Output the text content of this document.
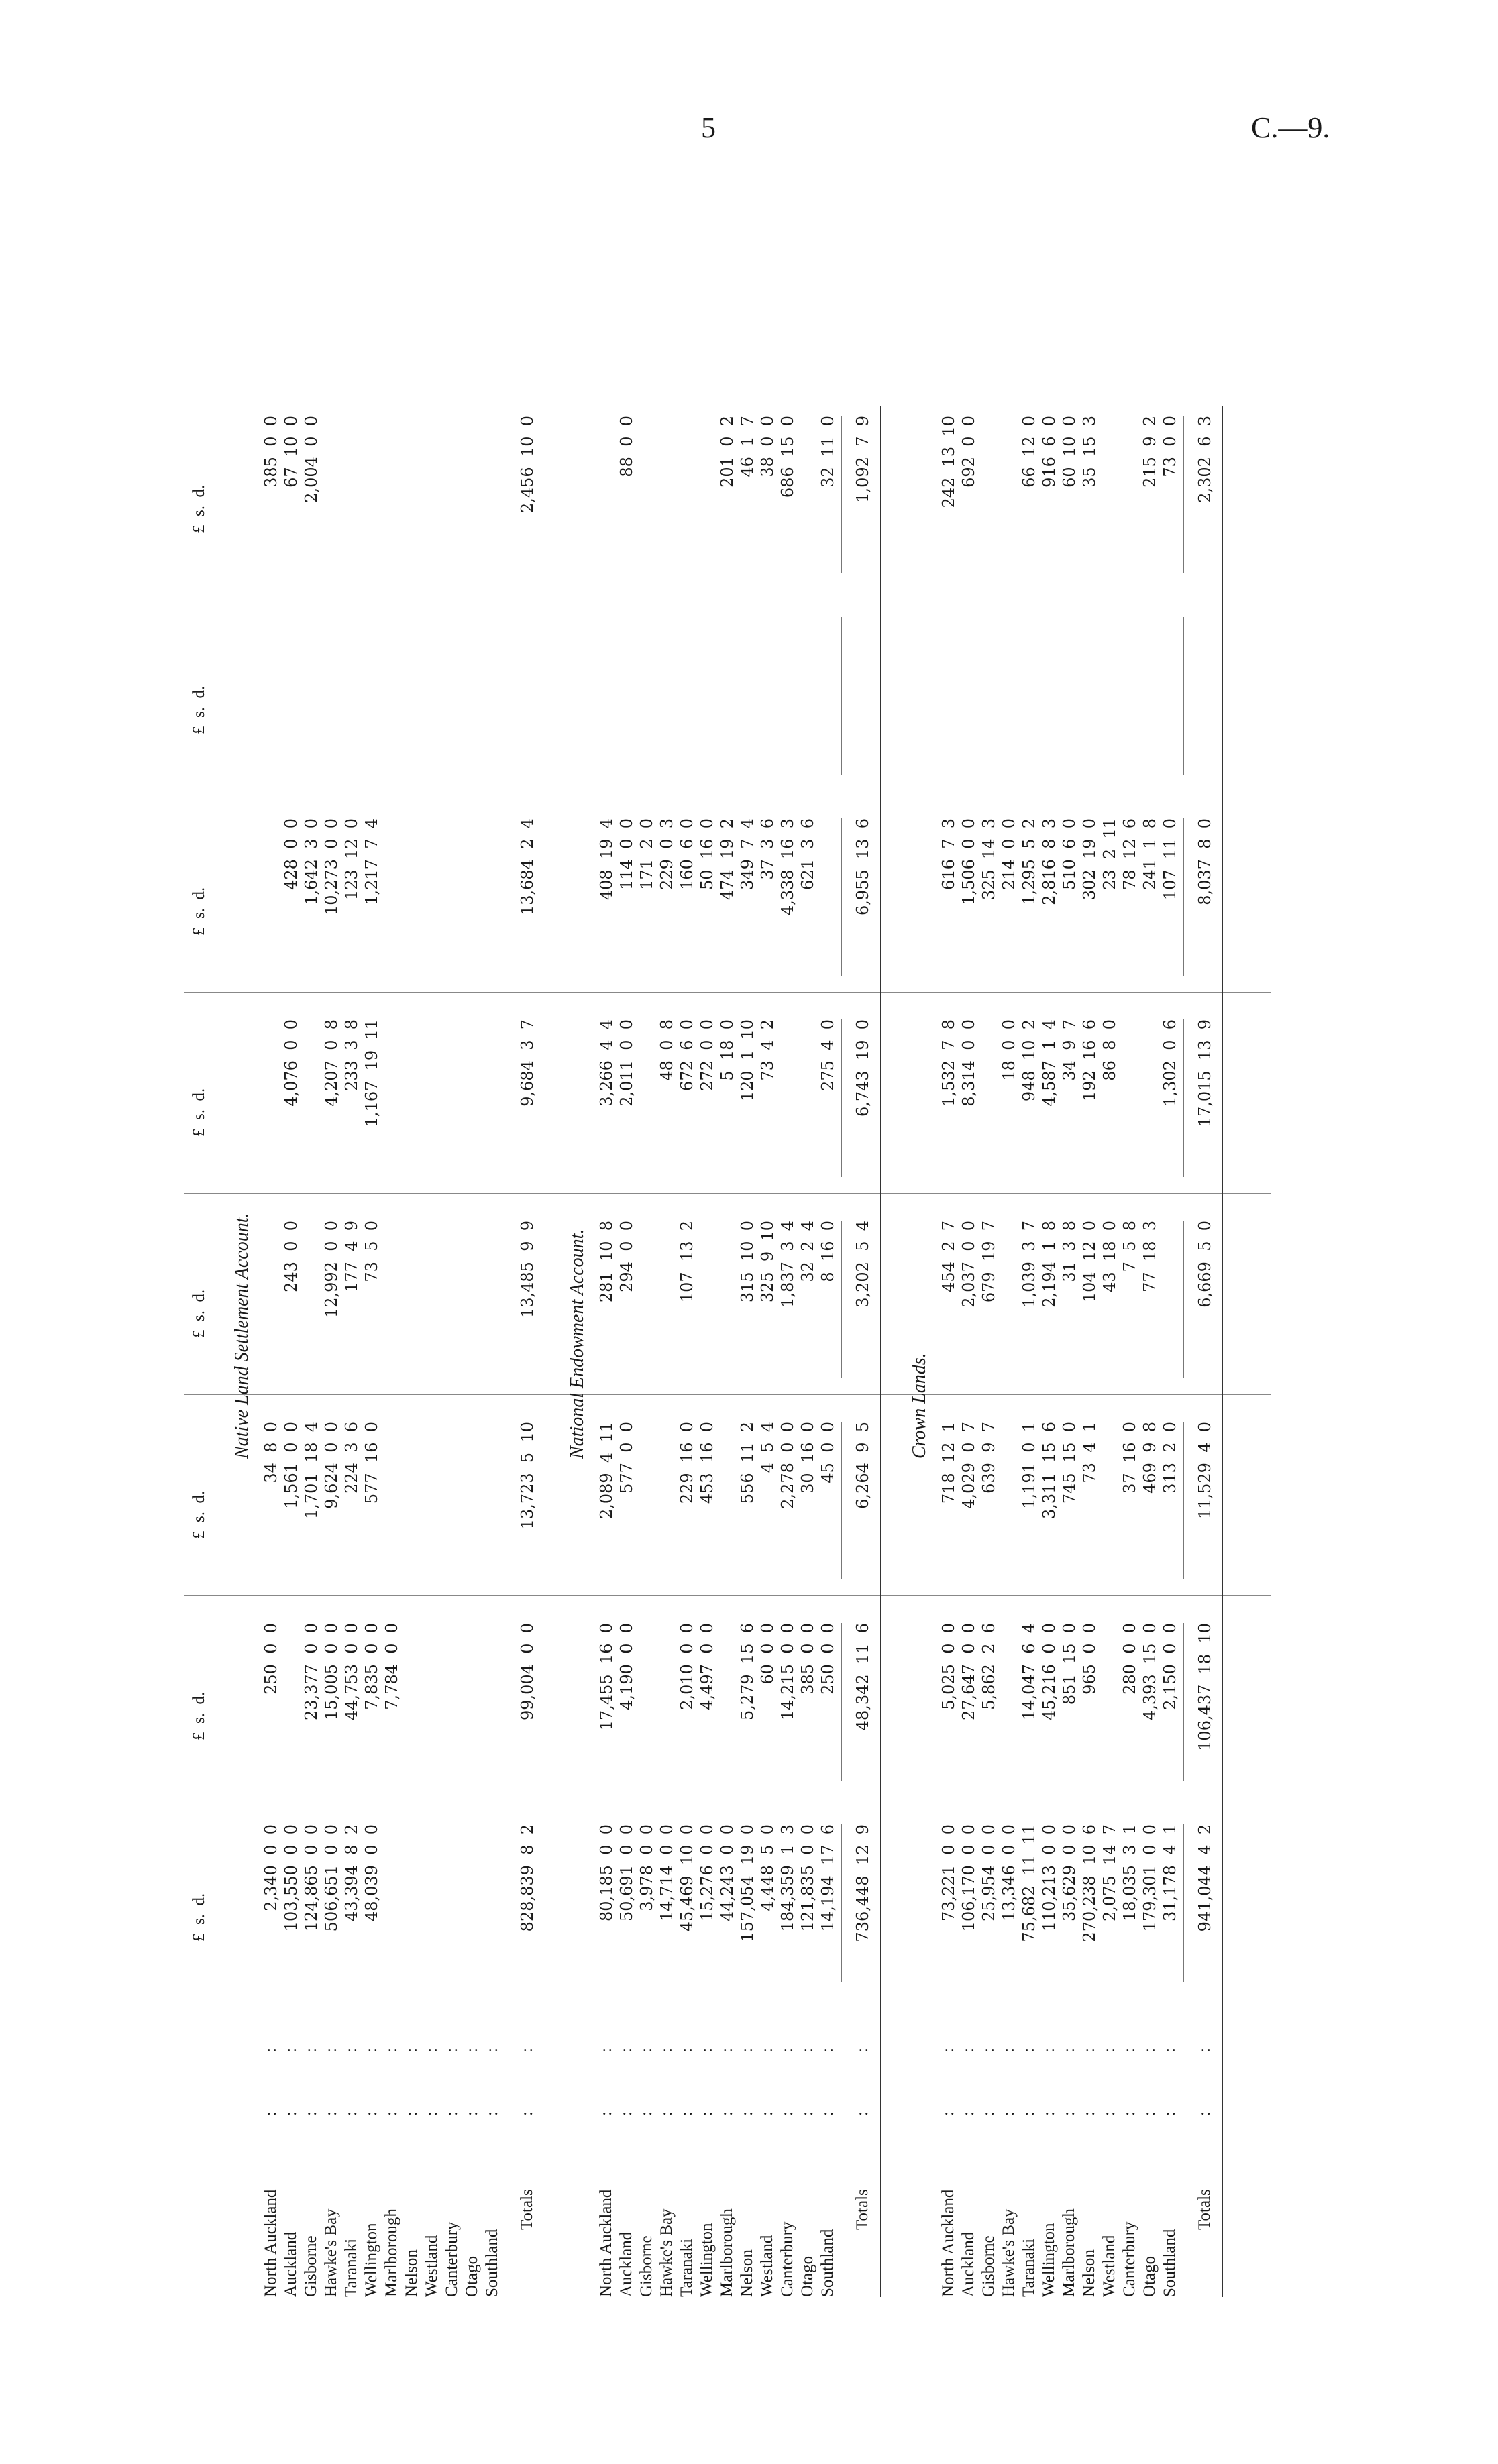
5	C.—9.
£  s.  d.
£  s.  d.
£  s.  d.
£  s.  d.
£  s.  d.
£  s.  d.
£  s.  d.
£  s.  d.
Native Land Settlement Account.
North Auckland
:
:
2,340  0  0
250  0  0
34  8  0
385  0  0
Auckland
:
:
103,550  0  0
1,561  0  0
243  0  0
4,076  0  0
428  0  0
67  10  0
Gisborne
:
:
124,865  0  0
23,377  0  0
1,701  18  4
1,642  3  0
2,004  0  0
Hawke's Bay
:
:
506,651  0  0
15,005  0  0
9,624  0  0
12,992  0  0
4,207  0  8
10,273  0  0
Taranaki
:
:
43,394  8  2
44,753  0  0
224  3  6
177  4  9
233  3  8
123  12  0
Wellington
:
:
48,039  0  0
7,835  0  0
577  16  0
73  5  0
1,167  19  11
1,217  7  4
Marlborough
:
:
7,784  0  0
Nelson
:
:
Westland
:
:
Canterbury
:
:
Otago
:
:
Southland
:
:
Totals
:
:
828,839  8  2
99,004  0  0
13,723  5  10
13,485  9  9
9,684  3  7
13,684  2  4
2,456  10  0
National Endowment Account.
North Auckland
:
:
80,185  0  0
17,455  16  0
2,089  4  11
281  10  8
3,266  4  4
408  19  4
Auckland
:
:
50,691  0  0
4,190  0  0
577  0  0
294  0  0
2,011  0  0
114  0  0
88  0  0
Gisborne
:
:
3,978  0  0
171  2  0
Hawke's Bay
:
:
14,714  0  0
48  0  8
229  0  3
Taranaki
:
:
45,469  10  0
2,010  0  0
229  16  0
107  13  2
672  6  0
160  6  0
Wellington
:
:
15,276  0  0
4,497  0  0
453  16  0
272  0  0
50  16  0
Marlborough
:
:
44,243  0  0
5  18  0
474  19  2
201  0  2
Nelson
:
:
157,054  19  0
5,279  15  6
556  11  2
315  10  0
120  1  10
349  7  4
46  1  7
Westland
:
:
4,448  5  0
60  0  0
4  5  4
325  9  10
73  4  2
37  3  6
38  0  0
Canterbury
:
:
184,359  1  3
14,215  0  0
2,278  0  0
1,837  3  4
4,338  16  3
686  15  0
Otago
:
:
121,835  0  0
385  0  0
30  16  0
32  2  4
621  3  6
Southland
:
:
14,194  17  6
250  0  0
45  0  0
8  16  0
275  4  0
32  11  0
Totals
:
:
736,448  12  9
48,342  11  6
6,264  9  5
3,202  5  4
6,743  19  0
6,955  13  6
1,092  7  9
Crown Lands.
North Auckland
:
:
73,221  0  0
5,025  0  0
718  12  1
454  2  7
1,532  7  8
616  7  3
242  13  10
Auckland
:
:
106,170  0  0
27,647  0  0
4,029  0  7
2,037  0  0
8,314  0  0
1,506  0  0
692  0  0
Gisborne
:
:
25,954  0  0
5,862  2  6
639  9  7
679  19  7
325  14  3
Hawke's Bay
:
:
13,346  0  0
18  0  0
214  0  0
Taranaki
:
:
75,682  11  11
14,047  6  4
1,191  0  1
1,039  3  7
948  10  2
1,295  5  2
66  12  0
Wellington
:
:
110,213  0  0
45,216  0  0
3,311  15  6
2,194  1  8
4,587  1  4
2,816  8  3
916  6  0
Marlborough
:
:
35,629  0  0
851  15  0
745  15  0
31  3  8
34  9  7
510  6  0
60  10  0
Nelson
:
:
270,238  10  6
965  0  0
73  4  1
104  12  0
192  16  6
302  19  0
35  15  3
Westland
:
:
2,075  14  7
43  18  0
86  8  0
23  2  11
Canterbury
:
:
18,035  3  1
280  0  0
37  16  0
7  5  8
78  12  6
Otago
:
:
179,301  0  0
4,393  15  0
469  9  8
77  18  3
241  1  8
215  9  2
Southland
:
:
31,178  4  1
2,150  0  0
313  2  0
1,302  0  6
107  11  0
73  0  0
Totals
:
:
941,044  4  2
106,437  18  10
11,529  4  0
6,669  5  0
17,015  13  9
8,037  8  0
2,302  6  3
